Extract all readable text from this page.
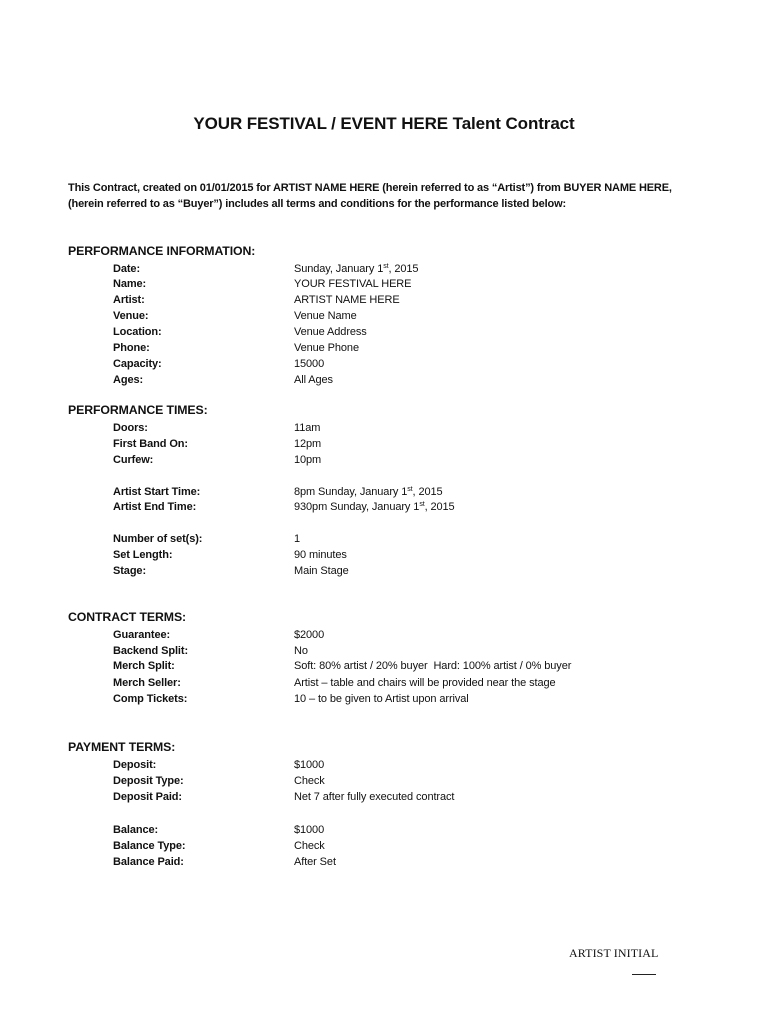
YOUR FESTIVAL / EVENT HERE Talent Contract
This Contract, created on 01/01/2015 for ARTIST NAME HERE (herein referred to as “Artist”) from BUYER NAME HERE,
(herein referred to as “Buyer”) includes all terms and conditions for the performance listed below:
PERFORMANCE INFORMATION:
Date:	Sunday, January 1st, 2015
Name:	YOUR FESTIVAL HERE
Artist:	ARTIST NAME HERE
Venue:	Venue Name
Location:	Venue Address
Phone:	Venue Phone
Capacity:	15000
Ages:	All Ages
PERFORMANCE TIMES:
Doors:	11am
First Band On:	12pm
Curfew:	10pm
Artist Start Time:	8pm Sunday, January 1st, 2015
Artist End Time:	930pm Sunday, January 1st, 2015
Number of set(s):	1
Set Length:	90 minutes
Stage:	Main Stage
CONTRACT TERMS:
Guarantee:	$2000
Backend Split:	No
Merch Split:	Soft: 80% artist / 20% buyer  Hard: 100% artist / 0% buyer
Merch Seller:	Artist – table and chairs will be provided near the stage
Comp Tickets:	10 – to be given to Artist upon arrival
PAYMENT TERMS:
Deposit:	$1000
Deposit Type:	Check
Deposit Paid:	Net 7 after fully executed contract
Balance:	$1000
Balance Type:	Check
Balance Paid:	After Set
ARTIST INITIAL
